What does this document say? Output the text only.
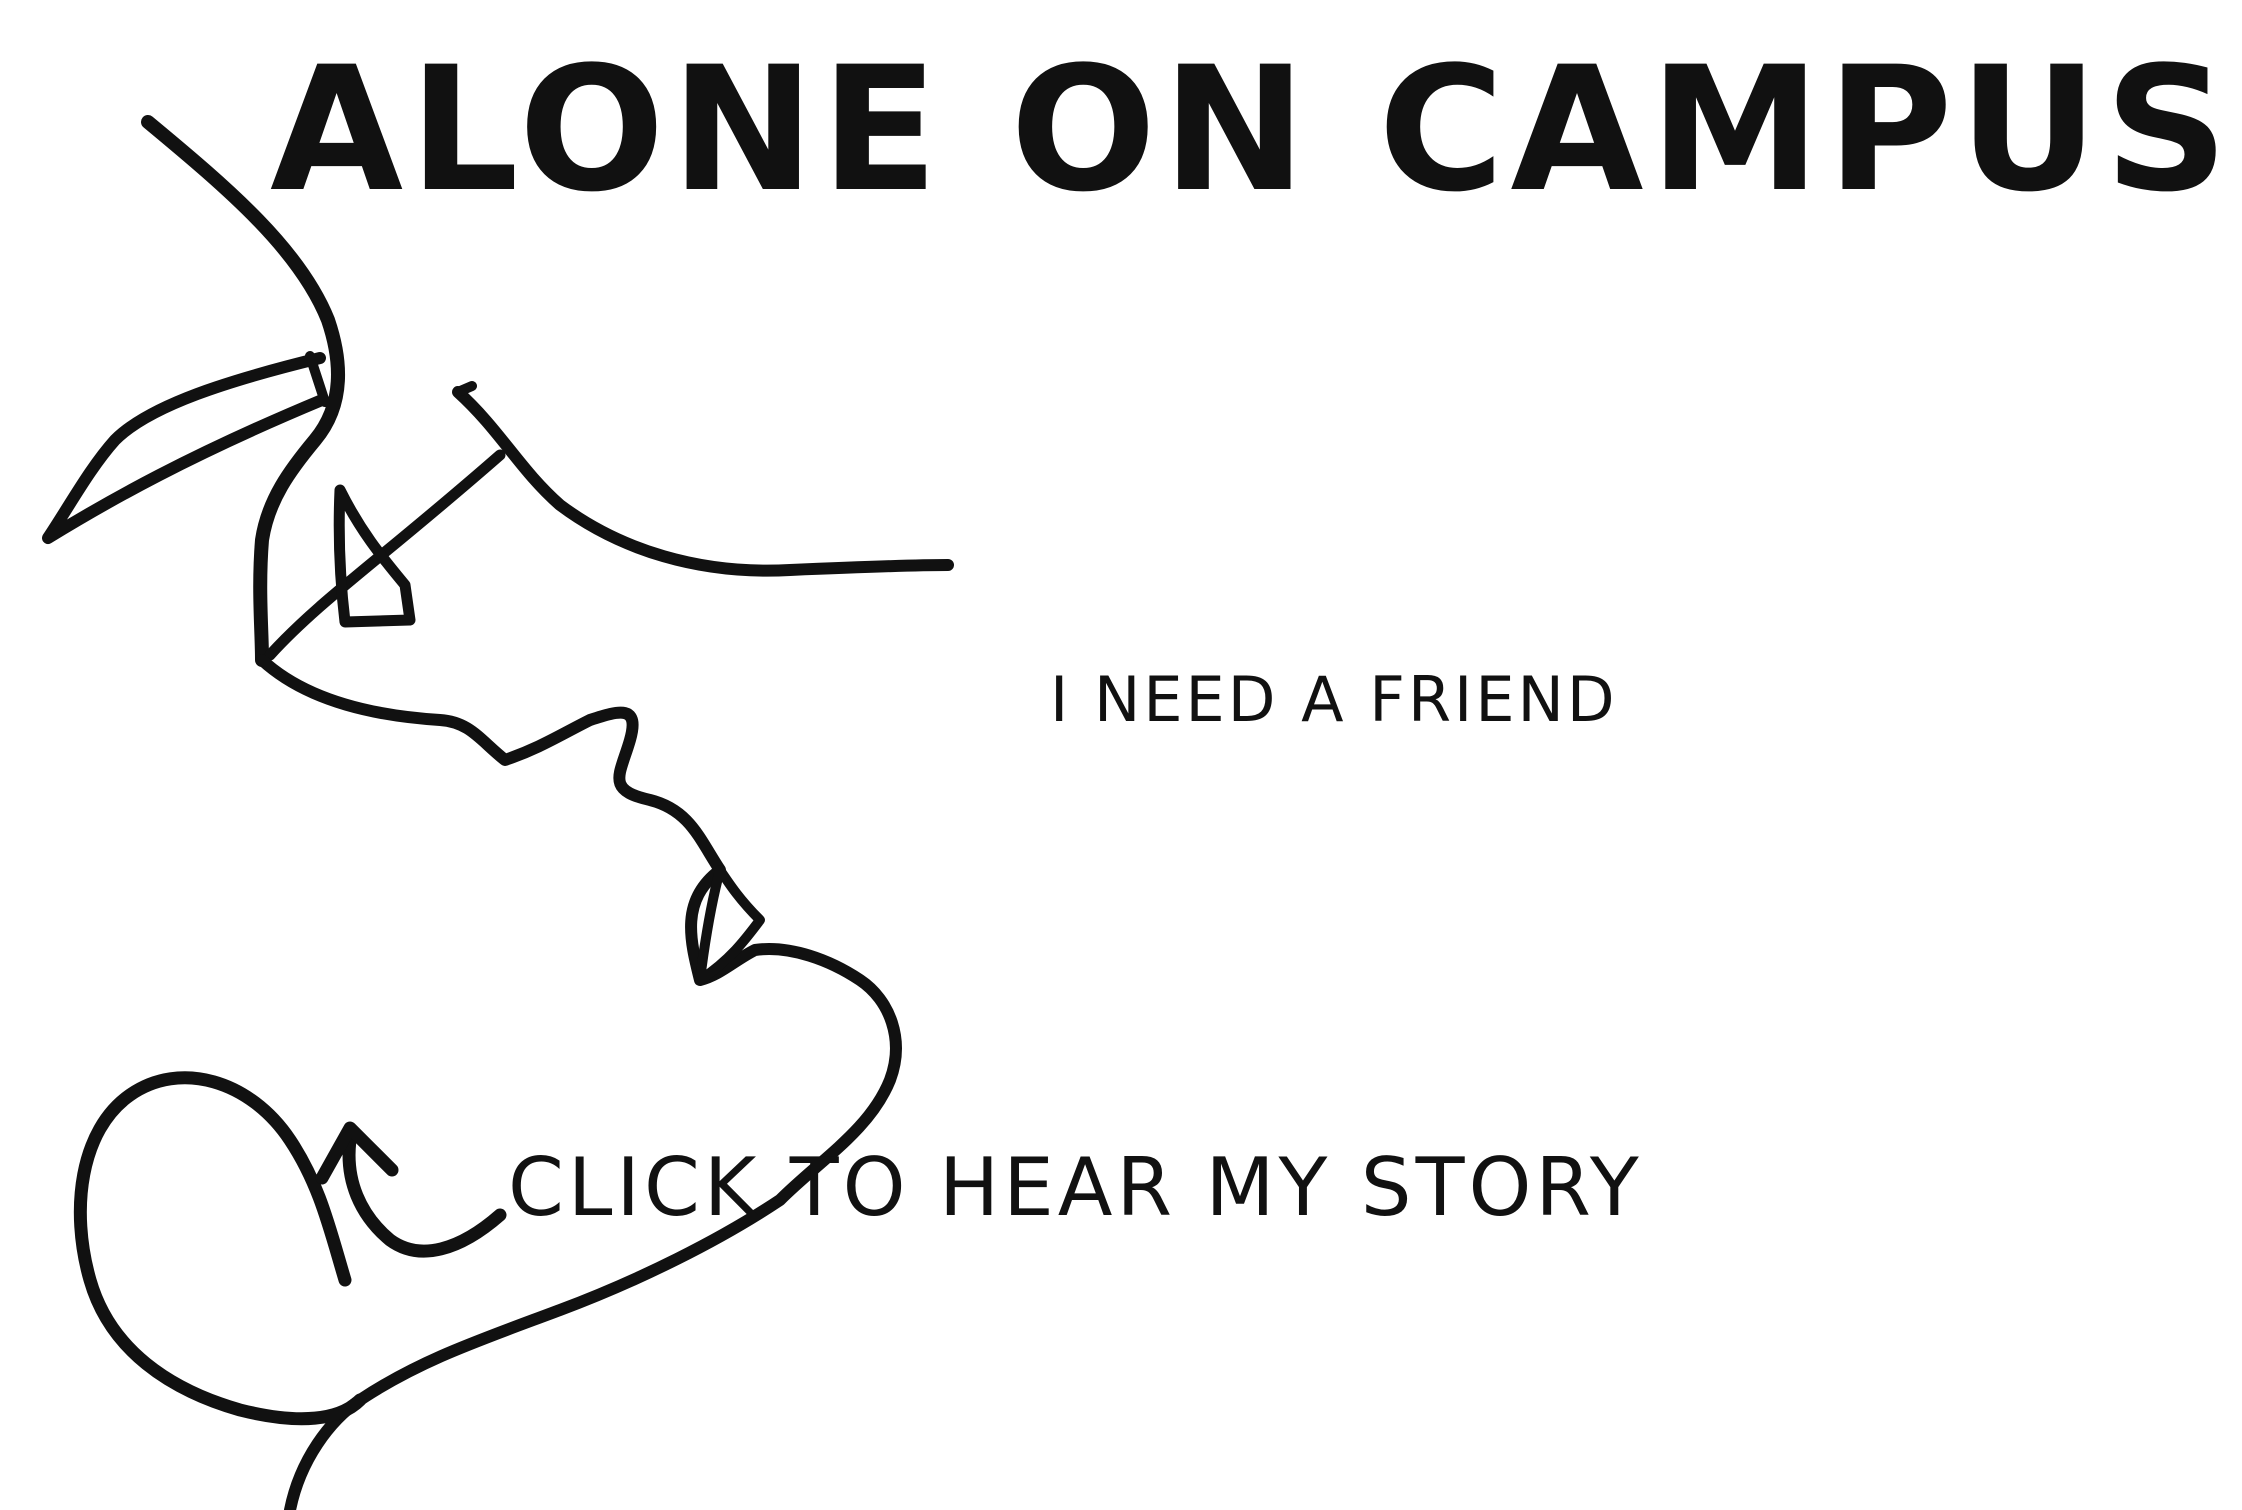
ALONE ON CAMPUS
I NEED A FRIEND
CLICK TO HEAR MY STORY
